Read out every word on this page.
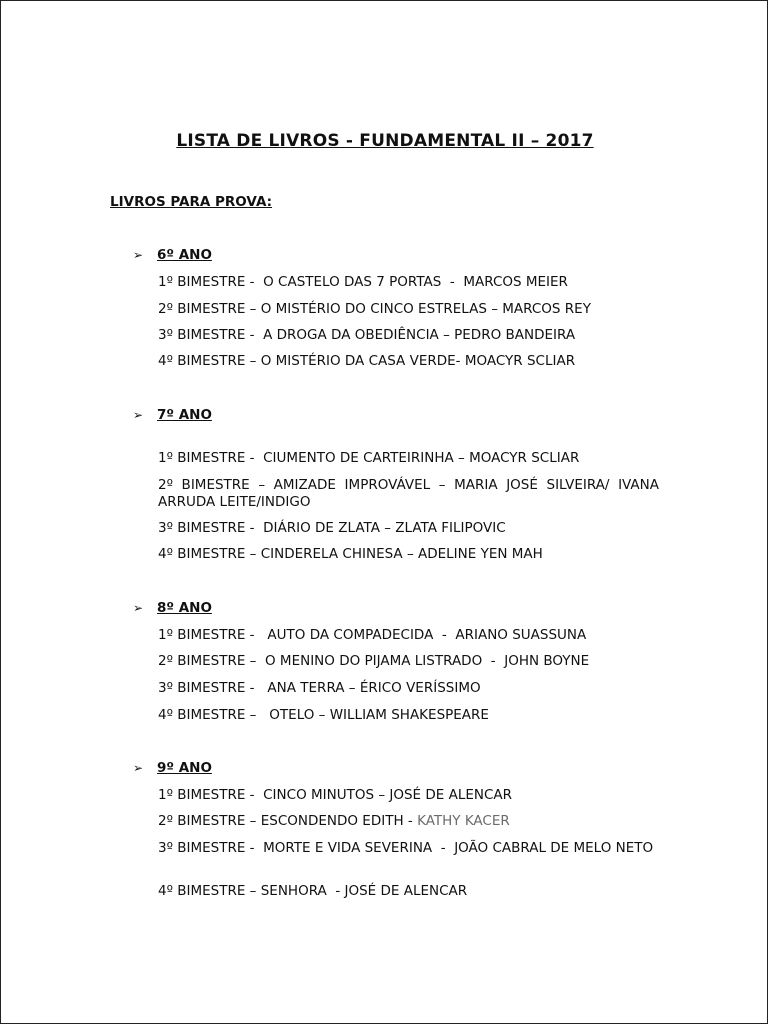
LISTA DE LIVROS - FUNDAMENTAL II – 2017
LIVROS PARA PROVA:
➢ 6º ANO
1º BIMESTRE -  O CASTELO DAS 7 PORTAS  -  MARCOS MEIER
2º BIMESTRE – O MISTÉRIO DO CINCO ESTRELAS – MARCOS REY
3º BIMESTRE -  A DROGA DA OBEDIÊNCIA – PEDRO BANDEIRA
4º BIMESTRE – O MISTÉRIO DA CASA VERDE- MOACYR SCLIAR
➢ 7º ANO
1º BIMESTRE -  CIUMENTO DE CARTEIRINHA – MOACYR SCLIAR
2º BIMESTRE – AMIZADE IMPROVÁVEL – MARIA JOSÉ SILVEIRA/ IVANA ARRUDA LEITE/INDIGO
3º BIMESTRE -  DIÁRIO DE ZLATA – ZLATA FILIPOVIC
4º BIMESTRE – CINDERELA CHINESA – ADELINE YEN MAH
➢ 8º ANO
1º BIMESTRE -   AUTO DA COMPADECIDA  -  ARIANO SUASSUNA
2º BIMESTRE –  O MENINO DO PIJAMA LISTRADO  -  JOHN BOYNE
3º BIMESTRE -   ANA TERRA – ÉRICO VERÍSSIMO
4º BIMESTRE –   OTELO – WILLIAM SHAKESPEARE
➢ 9º ANO
1º BIMESTRE -  CINCO MINUTOS – JOSÉ DE ALENCAR
2º BIMESTRE – ESCONDENDO EDITH - KATHY KACER
3º BIMESTRE -  MORTE E VIDA SEVERINA  -  JOÃO CABRAL DE MELO NETO
4º BIMESTRE – SENHORA  - JOSÉ DE ALENCAR
